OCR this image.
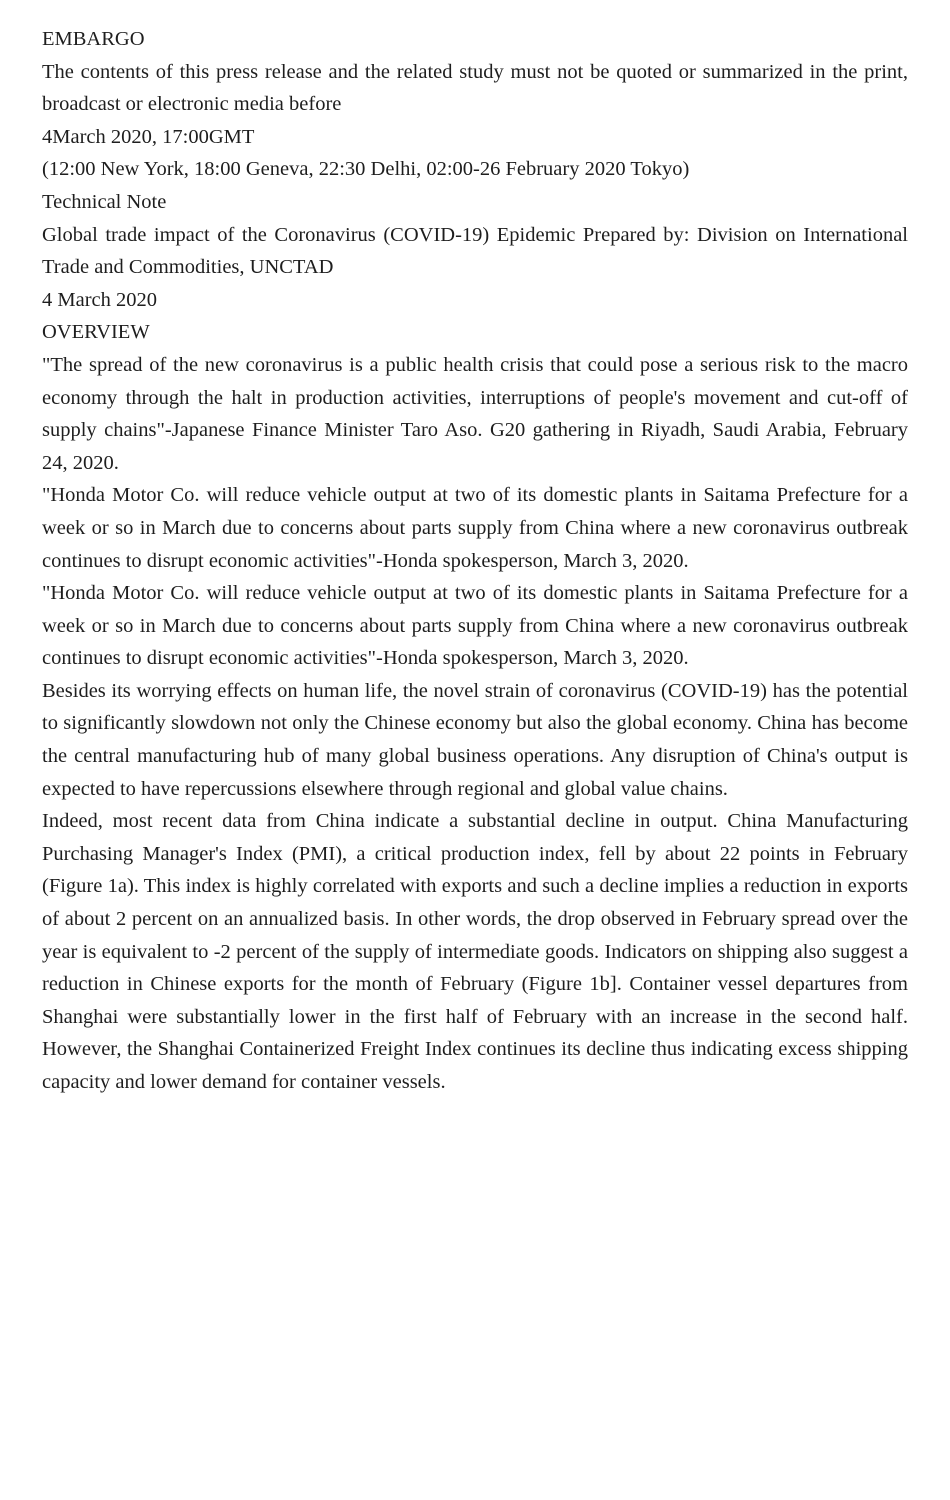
EMBARGO

The contents of this press release and the related study must not be quoted or summarized in the print, broadcast or electronic media before

4March 2020, 17:00GMT

(12:00 New York, 18:00 Geneva, 22:30 Delhi, 02:00-26 February 2020 Tokyo)

Technical Note

Global trade impact of the Coronavirus (COVID-19) Epidemic Prepared by: Division on International Trade and Commodities, UNCTAD

4 March 2020

OVERVIEW

"The spread of the new coronavirus is a public health crisis that could pose a serious risk to the macro economy through the halt in production activities, interruptions of people's movement and cut-off of supply chains"-Japanese Finance Minister Taro Aso. G20 gathering in Riyadh, Saudi Arabia, February 24, 2020.

"Honda Motor Co. will reduce vehicle output at two of its domestic plants in Saitama Prefecture for a week or so in March due to concerns about parts supply from China where a new coronavirus outbreak continues to disrupt economic activities"-Honda spokesperson, March 3, 2020.

"Honda Motor Co. will reduce vehicle output at two of its domestic plants in Saitama Prefecture for a week or so in March due to concerns about parts supply from China where a new coronavirus outbreak continues to disrupt economic activities"-Honda spokesperson, March 3, 2020.

Besides its worrying effects on human life, the novel strain of coronavirus (COVID-19) has the potential to significantly slowdown not only the Chinese economy but also the global economy. China has become the central manufacturing hub of many global business operations. Any disruption of China's output is expected to have repercussions elsewhere through regional and global value chains.

Indeed, most recent data from China indicate a substantial decline in output. China Manufacturing Purchasing Manager's Index (PMI), a critical production index, fell by about 22 points in February (Figure 1a). This index is highly correlated with exports and such a decline implies a reduction in exports of about 2 percent on an annualized basis. In other words, the drop observed in February spread over the year is equivalent to -2 percent of the supply of intermediate goods. Indicators on shipping also suggest a reduction in Chinese exports for the month of February (Figure 1b]. Container vessel departures from Shanghai were substantially lower in the first half of February with an increase in the second half. However, the Shanghai Containerized Freight Index continues its decline thus indicating excess shipping capacity and lower demand for container vessels.
